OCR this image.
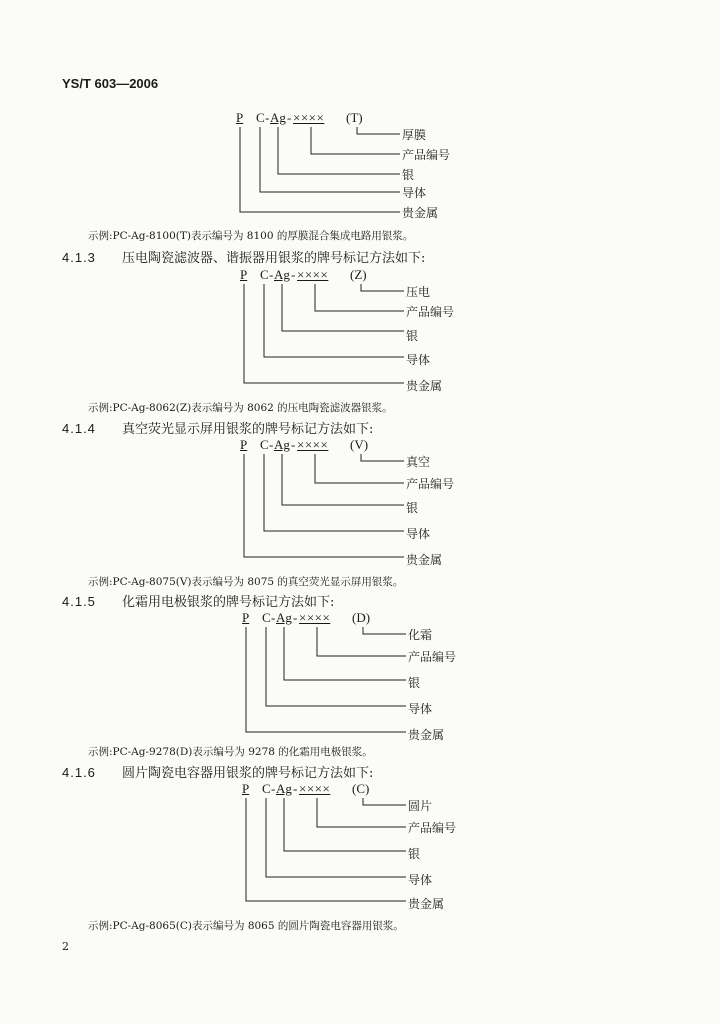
YS/T 603—2006
P C - Ag - ×××× (T)
厚膜
产品编号
银
导体
贵金属
示例:PC-Ag-8100(T)表示编号为 8100 的厚膜混合集成电路用银浆。
4.1.3 压电陶瓷滤波器、谐振器用银浆的牌号标记方法如下:
P C - Ag - ×××× (Z)
压电
产品编号
银
导体
贵金属
示例:PC-Ag-8062(Z)表示编号为 8062 的压电陶瓷滤波器银浆。
4.1.4 真空荧光显示屏用银浆的牌号标记方法如下:
P C - Ag - ×××× (V)
真空
产品编号
银
导体
贵金属
示例:PC-Ag-8075(V)表示编号为 8075 的真空荧光显示屏用银浆。
4.1.5 化霜用电极银浆的牌号标记方法如下:
P C - Ag - ×××× (D)
化霜
产品编号
银
导体
贵金属
示例:PC-Ag-9278(D)表示编号为 9278 的化霜用电极银浆。
4.1.6 圆片陶瓷电容器用银浆的牌号标记方法如下:
P C - Ag - ×××× (C)
圆片
产品编号
银
导体
贵金属
示例:PC-Ag-8065(C)表示编号为 8065 的圆片陶瓷电容器用银浆。
2
